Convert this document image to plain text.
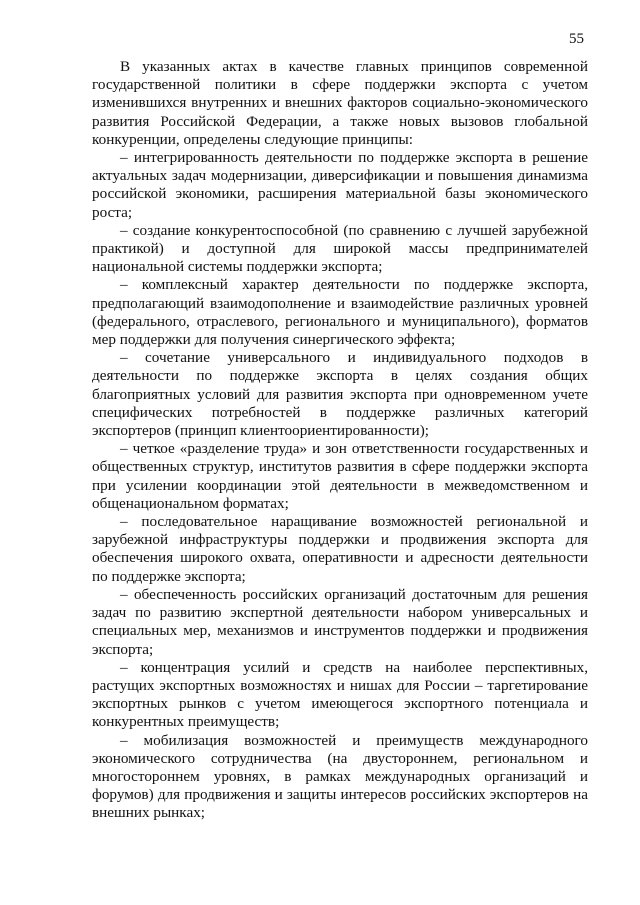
55

В указанных актах в качестве главных принципов современной государственной политики в сфере поддержки экспорта с учетом изменившихся внутренних и внешних факторов социально-экономического развития Российской Федерации, а также новых вызовов глобальной конкуренции, определены следующие принципы:

– интегрированность деятельности по поддержке экспорта в решение актуальных задач модернизации, диверсификации и повышения динамизма российской экономики, расширения материальной базы экономического роста;

– создание конкурентоспособной (по сравнению с лучшей зарубежной практикой) и доступной для широкой массы предпринимателей национальной системы поддержки экспорта;

– комплексный характер деятельности по поддержке экспорта, предполагающий взаимодополнение и взаимодействие различных уровней (федерального, отраслевого, регионального и муниципального), форматов мер поддержки для получения синергического эффекта;

– сочетание универсального и индивидуального подходов в деятельности по поддержке экспорта в целях создания общих благоприятных условий для развития экспорта при одновременном учете специфических потребностей в поддержке различных категорий экспортеров (принцип клиентоориентированности);

– четкое «разделение труда» и зон ответственности государственных и общественных структур, институтов развития в сфере поддержки экспорта при усилении координации этой деятельности в межведомственном и общенациональном форматах;

– последовательное наращивание возможностей региональной и зарубежной инфраструктуры поддержки и продвижения экспорта для обеспечения широкого охвата, оперативности и адресности деятельности по поддержке экспорта;

– обеспеченность российских организаций достаточным для решения задач по развитию экспертной деятельности набором универсальных и специальных мер, механизмов и инструментов поддержки и продвижения экспорта;

– концентрация усилий и средств на наиболее перспективных, растущих экспортных возможностях и нишах для России – таргетирование экспортных рынков с учетом имеющегося экспортного потенциала и конкурентных преимуществ;

– мобилизация возможностей и преимуществ международного экономического сотрудничества (на двустороннем, региональном и многостороннем уровнях, в рамках международных организаций и форумов) для продвижения и защиты интересов российских экспортеров на внешних рынках;
